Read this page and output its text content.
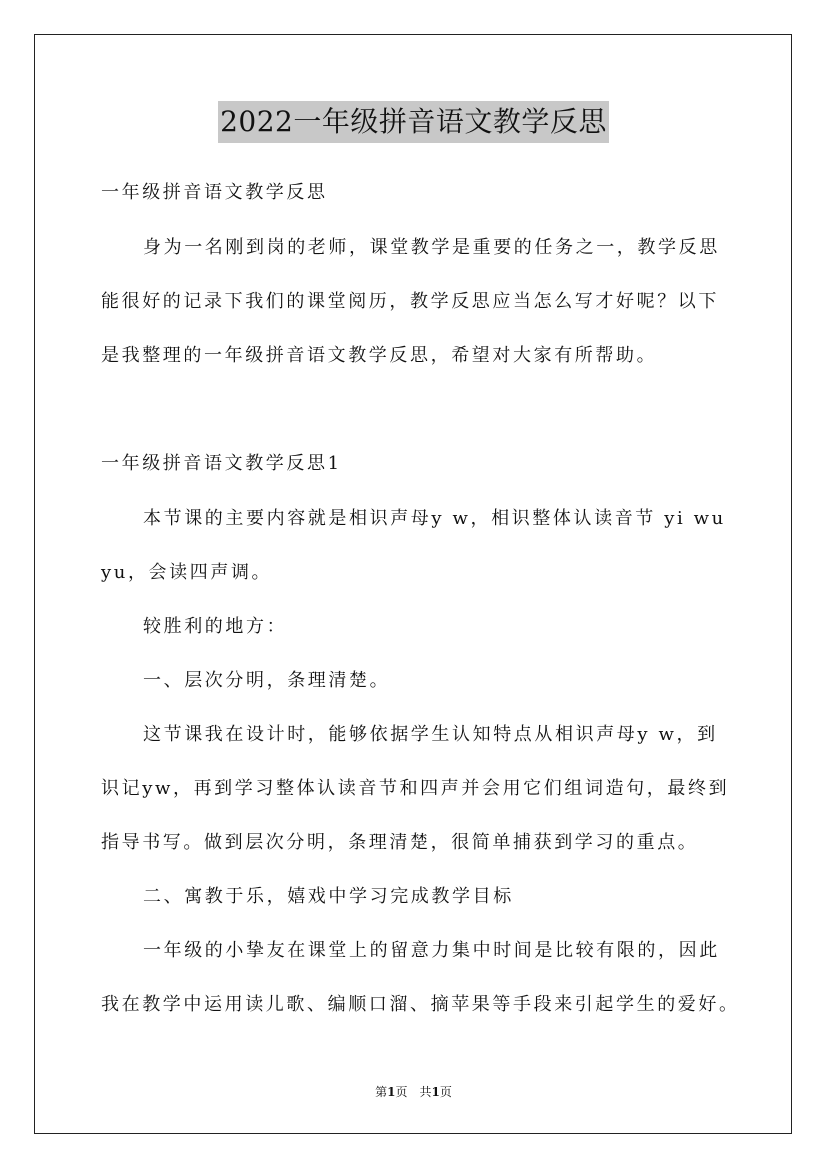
2022一年级拼音语文教学反思
一年级拼音语文教学反思
身为一名刚到岗的老师，课堂教学是重要的任务之一，教学反思
能很好的记录下我们的课堂阅历，教学反思应当怎么写才好呢？以下
是我整理的一年级拼音语文教学反思，希望对大家有所帮助。
一年级拼音语文教学反思1
本节课的主要内容就是相识声母y w，相识整体认读音节 yi wu
yu，会读四声调。
较胜利的地方：
一、层次分明，条理清楚。
这节课我在设计时，能够依据学生认知特点从相识声母y w，到
识记yw，再到学习整体认读音节和四声并会用它们组词造句，最终到
指导书写。做到层次分明，条理清楚，很简单捕获到学习的重点。
二、寓教于乐，嬉戏中学习完成教学目标
一年级的小挚友在课堂上的留意力集中时间是比较有限的，因此
我在教学中运用读儿歌、编顺口溜、摘苹果等手段来引起学生的爱好。
第1页　共1页
